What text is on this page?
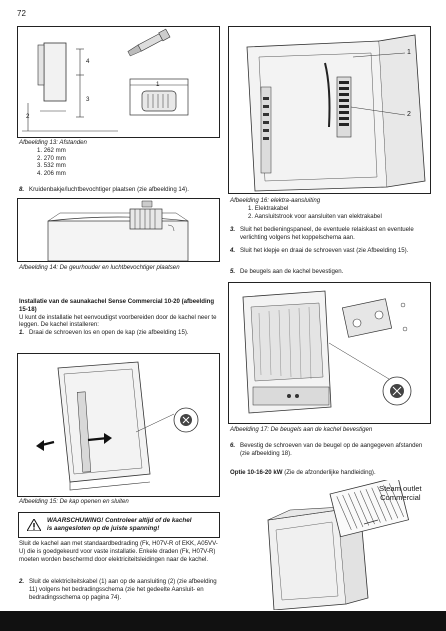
72
4
1
3
2
Afbeelding 13: Afstanden
1. 262 mm
2. 270 mm
3. 532 mm
4. 206 mm
8. Kruidenbakje/luchtbevochtiger plaatsen (zie afbeelding 14).
Afbeelding 14: De geurhouder en luchtbevochtiger plaatsen
Installatie van de saunakachel Sense Commercial 10-20 (afbeelding 15-18)
U kunt de installatie het eenvoudigst voorbereiden door de kachel neer te leggen. De kachel installeren:
1. Draai de schroeven los en open de kap (zie afbeelding 15).
Afbeelding 15: De kap openen en sluiten
WAARSCHUWING! Controleer altijd of de kachel
is aangesloten op de juiste spanning!
Sluit de kachel aan met standaardbedrading (Fk, H07V-R of EKK, A05VV-U) die is goedgekeurd voor vaste installatie. Enkele draden (Fk, H07V-R) moeten worden beschermd door elektriciteitsleidingen naar de kachel.
2. Sluit de elektriciteitskabel (1) aan op de aansluiting (2) (zie afbeelding 11) volgens het bedradingsschema (zie het gedeelte Aansluit- en bedradingsschema op pagina 74).
1
2
Afbeelding 16: elektra-aansluiting
1. Elektrakabel
2. Aansluitstrook voor aansluiten van elektrakabel
3. Sluit het bedieningspaneel, de eventuele relaiskast en eventuele verlichting volgens het koppelschema aan.
4. Sluit het klepje en draai de schroeven vast (zie Afbeelding 15).
5. De beugels aan de kachel bevestigen.
Afbeelding 17: De beugels aan de kachel bevestigen
6. Bevestig de schroeven van de beugel op de aangegeven afstanden (zie afbeelding 18).
Optie 10-16-20 kW (Zie de afzonderlijke handleiding).
Steam outlet
Commercial
